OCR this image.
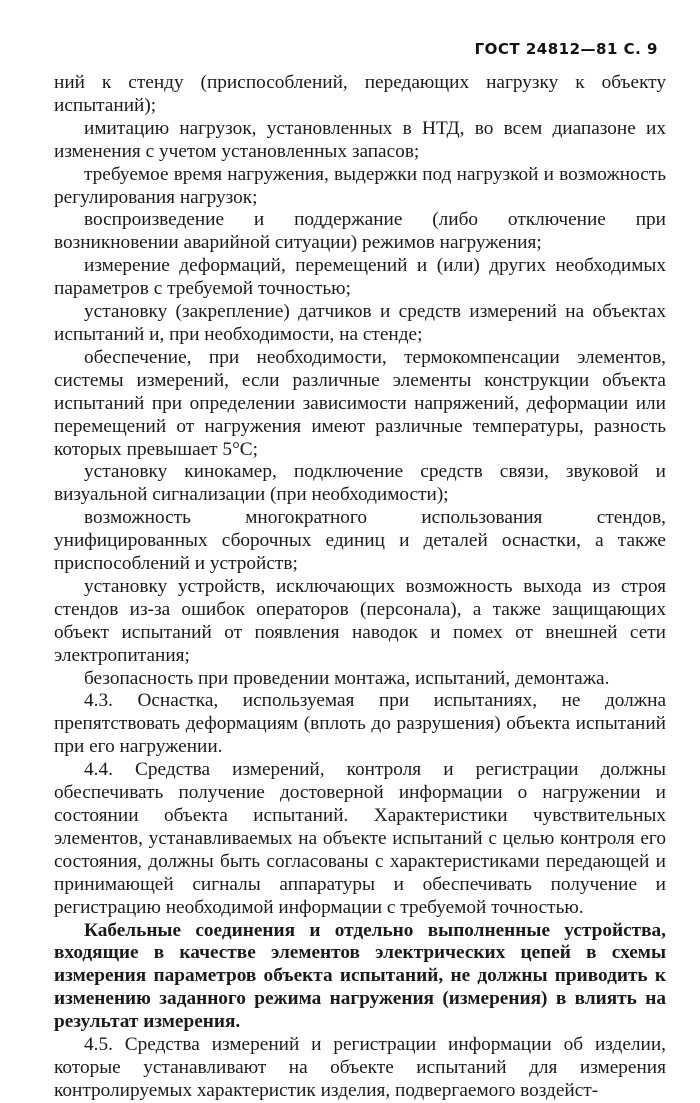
ГОСТ 24812—81 С. 9

ний к стенду (приспособлений, передающих нагрузку к объекту испытаний);

имитацию нагрузок, установленных в НТД, во всем диапазоне их изменения с учетом установленных запасов;

требуемое время нагружения, выдержки под нагрузкой и возможность регулирования нагрузок;

воспроизведение и поддержание (либо отключение при возникновении аварийной ситуации) режимов нагружения;

измерение деформаций, перемещений и (или) других необходимых параметров с требуемой точностью;

установку (закрепление) датчиков и средств измерений на объектах испытаний и, при необходимости, на стенде;

обеспечение, при необходимости, термокомпенсации элементов, системы измерений, если различные элементы конструкции объекта испытаний при определении зависимости напряжений, деформации или перемещений от нагружения имеют различные температуры, разность которых превышает 5°С;

установку кинокамер, подключение средств связи, звуковой и визуальной сигнализации (при необходимости);

возможность многократного использования стендов, унифицированных сборочных единиц и деталей оснастки, а также приспособлений и устройств;

установку устройств, исключающих возможность выхода из строя стендов из-за ошибок операторов (персонала), а также защищающих объект испытаний от появления наводок и помех от внешней сети электропитания;

безопасность при проведении монтажа, испытаний, демонтажа.

4.3. Оснастка, используемая при испытаниях, не должна препятствовать деформациям (вплоть до разрушения) объекта испытаний при его нагружении.

4.4. Средства измерений, контроля и регистрации должны обеспечивать получение достоверной информации о нагружении и состоянии объекта испытаний. Характеристики чувствительных элементов, устанавливаемых на объекте испытаний с целью контроля его состояния, должны быть согласованы с характеристиками передающей и принимающей сигналы аппаратуры и обеспечивать получение и регистрацию необходимой информации с требуемой точностью.

Кабельные соединения и отдельно выполненные устройства, входящие в качестве элементов электрических цепей в схемы измерения параметров объекта испытаний, не должны приводить к изменению заданного режима нагружения (измерения) в влиять на результат измерения.

4.5. Средства измерений и регистрации информации об изделии, которые устанавливают на объекте испытаний для измерения контролируемых характеристик изделия, подвергаемого воздейст-
